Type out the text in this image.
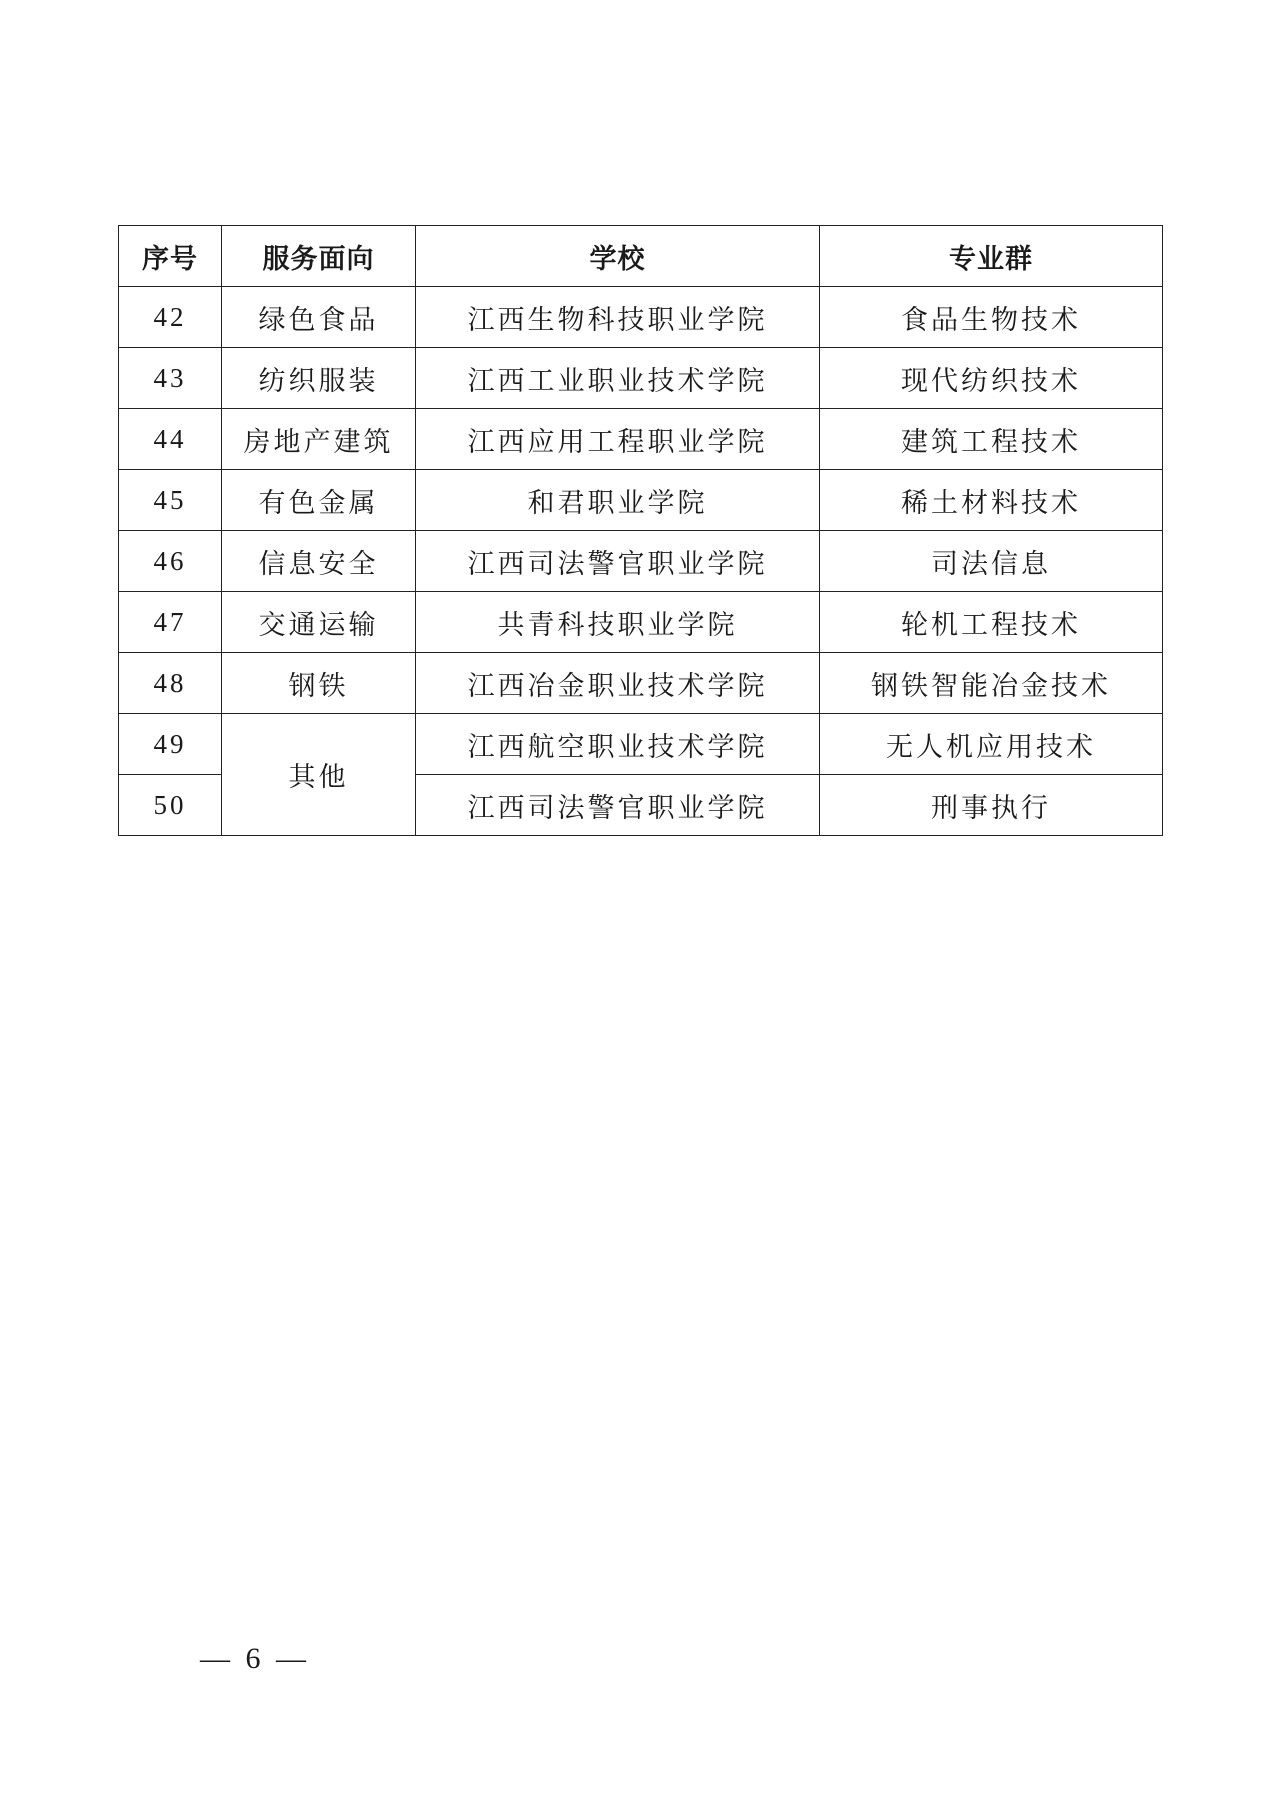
序号	服务面向	学校	专业群
42	绿色食品	江西生物科技职业学院	食品生物技术
43	纺织服装	江西工业职业技术学院	现代纺织技术
44	房地产建筑	江西应用工程职业学院	建筑工程技术
45	有色金属	和君职业学院	稀土材料技术
46	信息安全	江西司法警官职业学院	司法信息
47	交通运输	共青科技职业学院	轮机工程技术
48	钢铁	江西冶金职业技术学院	钢铁智能冶金技术
49	其他	江西航空职业技术学院	无人机应用技术
50		江西司法警官职业学院	刑事执行
— 6 —
